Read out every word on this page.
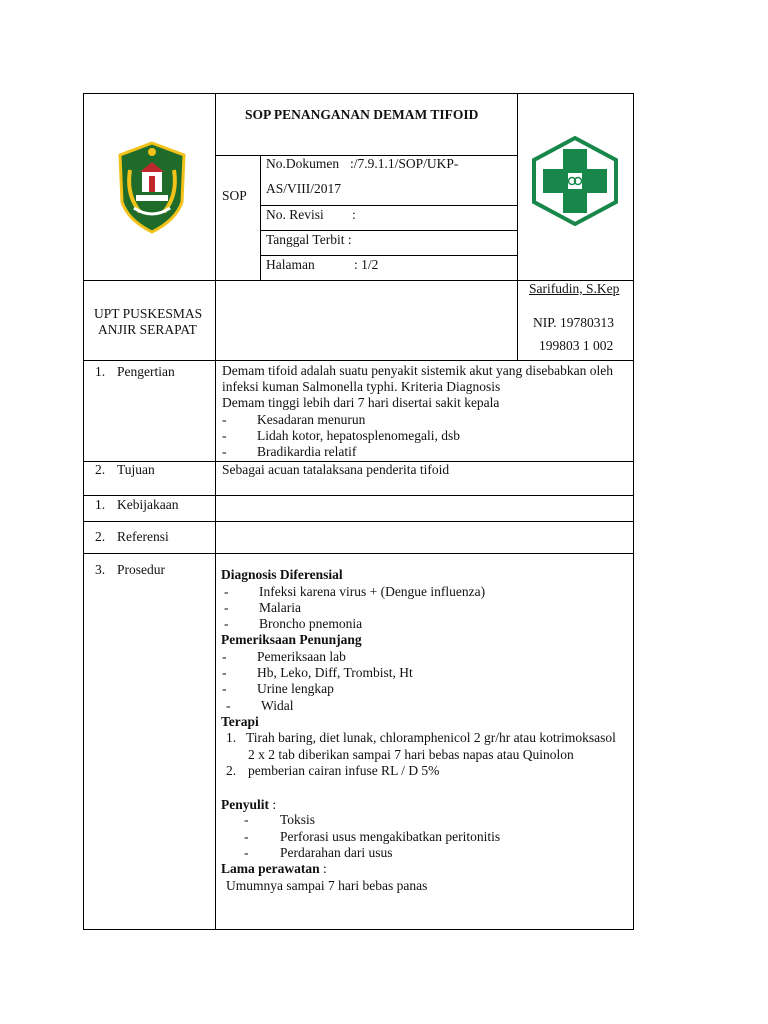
SOP PENANGANAN DEMAM TIFOID
SOP
No.Dokumen :/7.9.1.1/SOP/UKP-
AS/VIII/2017
No. Revisi :
Tanggal Terbit :
Halaman	: 1/2
UPT PUSKESMAS
ANJIR SERAPAT
Sarifudin, S.Kep
NIP. 19780313
199803 1 002
1. Pengertian	Demam tifoid adalah suatu penyakit sistemik akut yang disebabkan oleh
infeksi kuman Salmonella typhi. Kriteria Diagnosis
Demam tinggi lebih dari 7 hari disertai sakit kepala
- Kesadaran menurun
- Lidah kotor, hepatosplenomegali, dsb
- Bradikardia relatif
2. Tujuan	Sebagai acuan tatalaksana penderita tifoid
1. Kebijakaan
2. Referensi
3. Prosedur	Diagnosis Diferensial
- Infeksi karena virus + (Dengue influenza)
- Malaria
- Broncho pnemonia
Pemeriksaan Penunjang
- Pemeriksaan lab
- Hb, Leko, Diff, Trombist, Ht
- Urine lengkap
- Widal
Terapi
1. Tirah baring, diet lunak, chloramphenicol 2 gr/hr atau kotrimoksasol
2 x 2 tab diberikan sampai 7 hari bebas napas atau Quinolon
2. pemberian cairan infuse RL / D 5%
Penyulit :
- Toksis
- Perforasi usus mengakibatkan peritonitis
- Perdarahan dari usus
Lama perawatan :
Umumnya sampai 7 hari bebas panas
